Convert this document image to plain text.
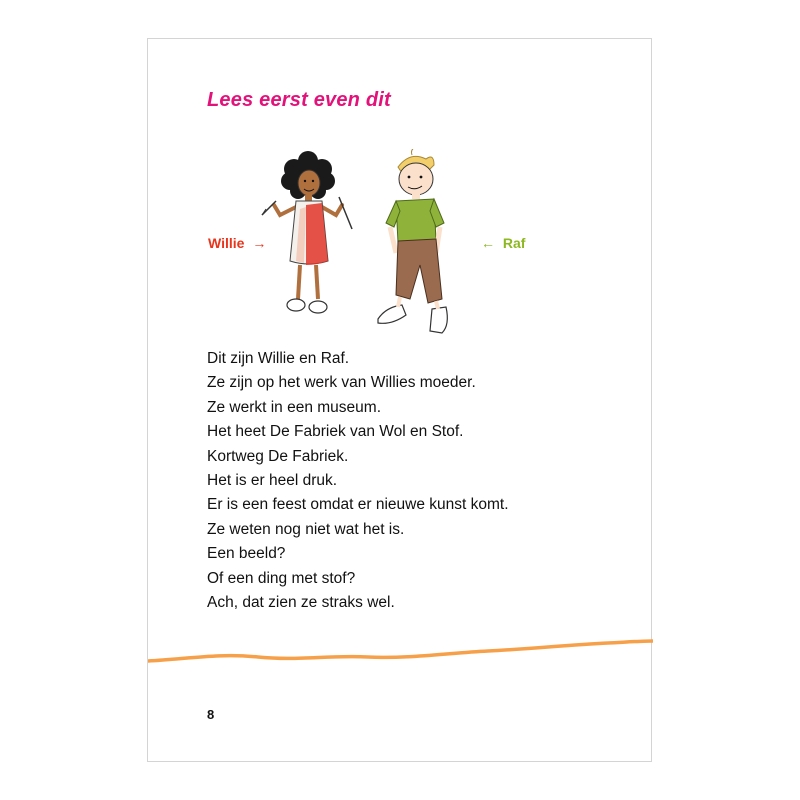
Lees eerst even dit
Willie →	← Raf
Dit zijn Willie en Raf.
Ze zijn op het werk van Willies moeder.
Ze werkt in een museum.
Het heet De Fabriek van Wol en Stof.
Kortweg De Fabriek.
Het is er heel druk.
Er is een feest omdat er nieuwe kunst komt.
Ze weten nog niet wat het is.
Een beeld?
Of een ding met stof?
Ach, dat zien ze straks wel.
8
